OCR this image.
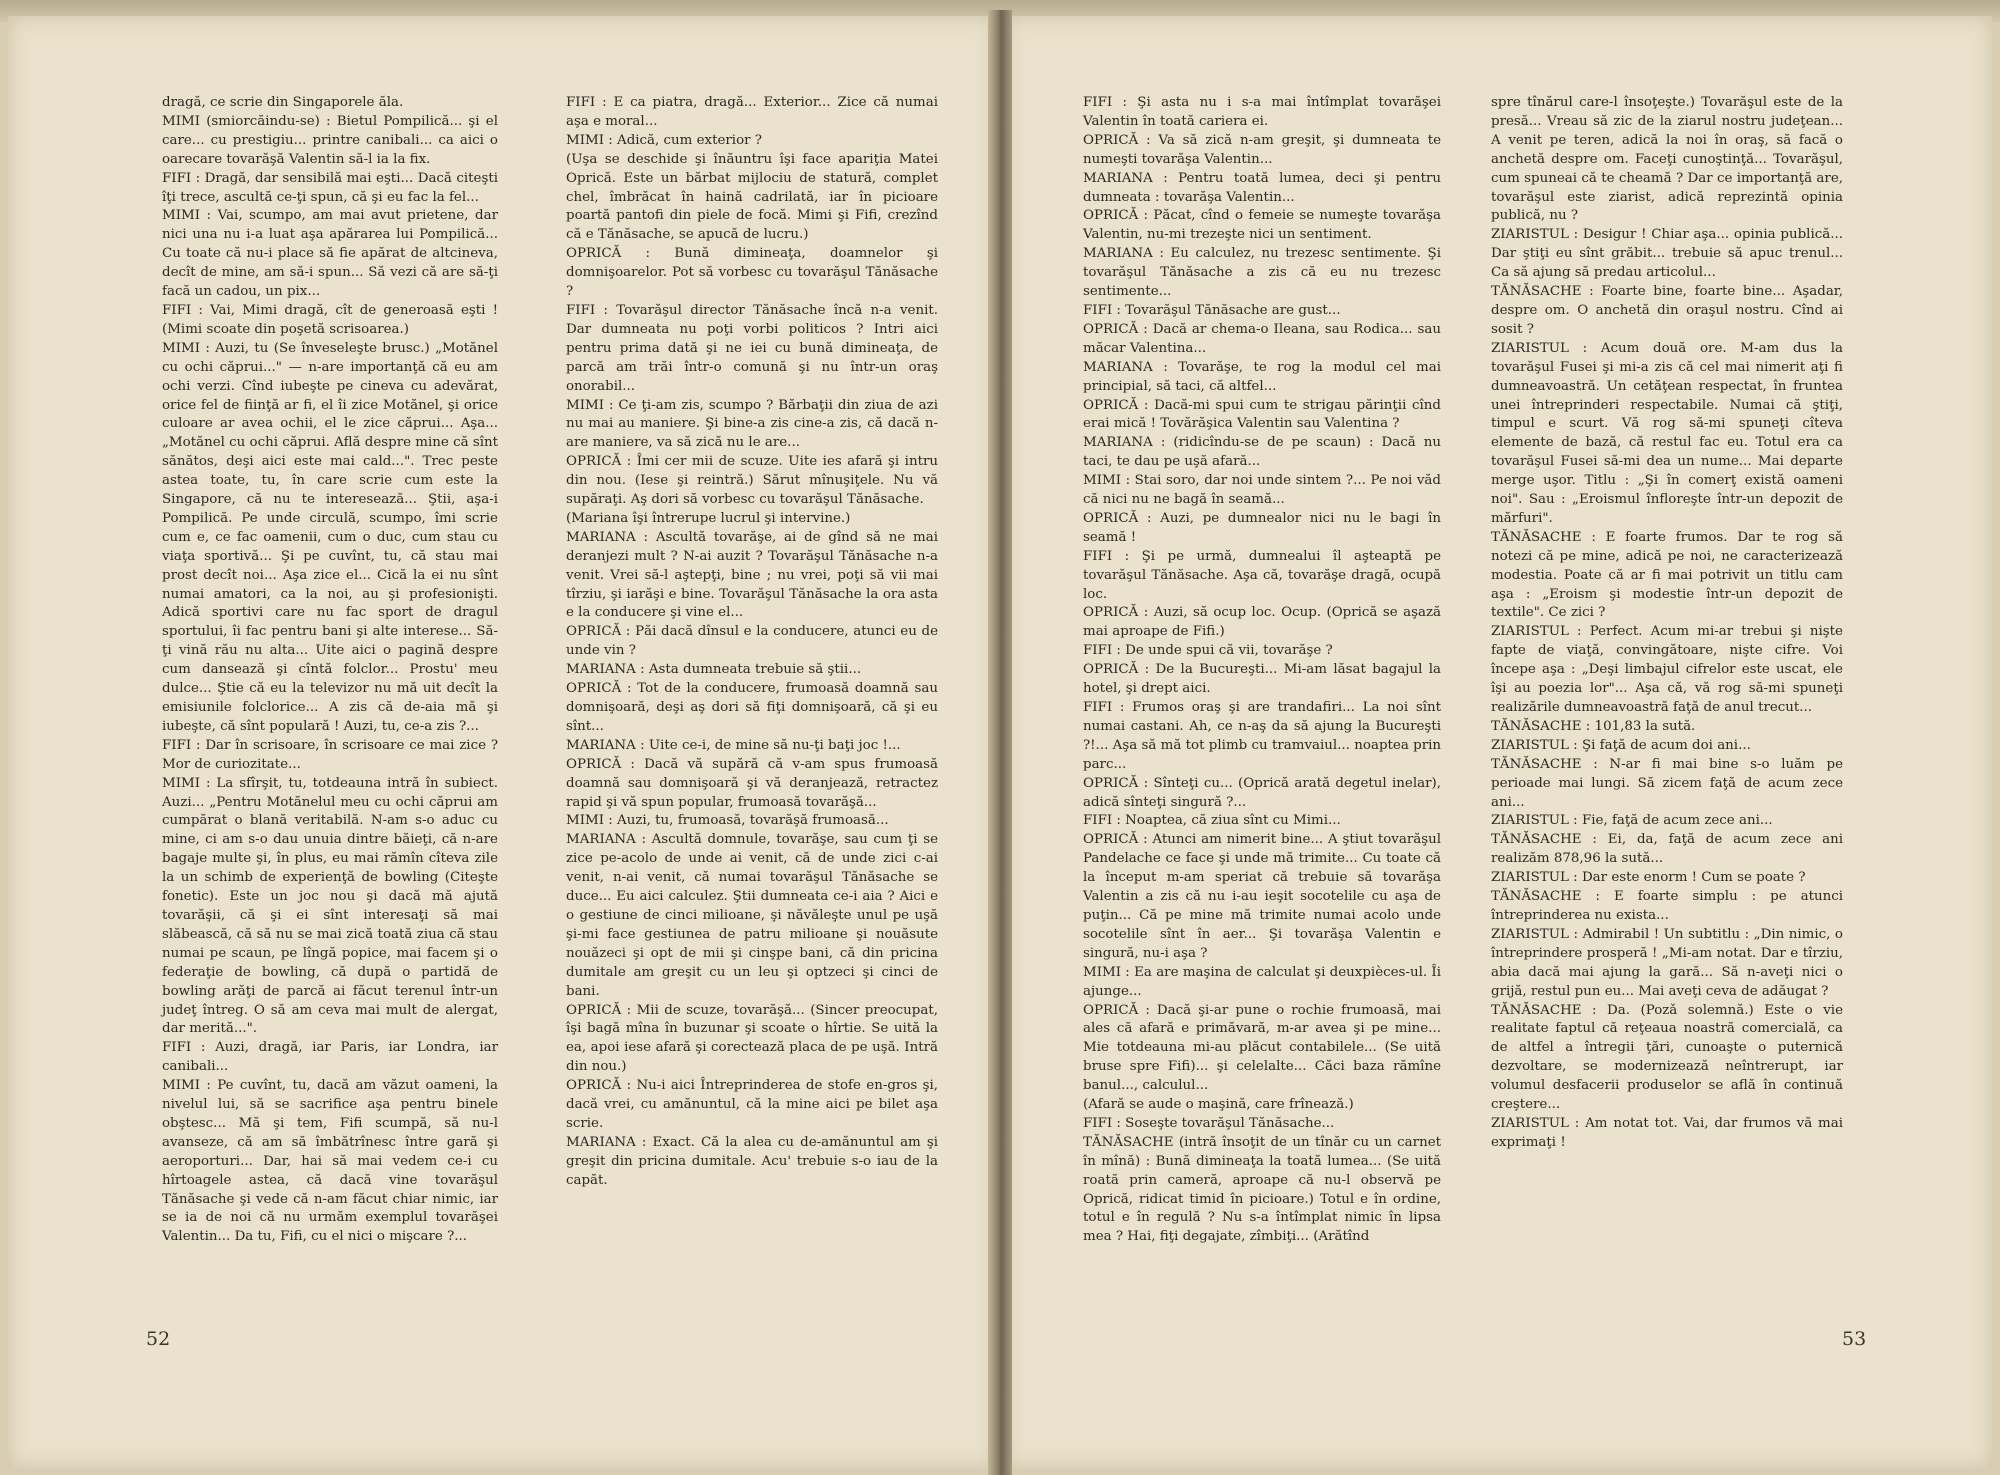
dragă, ce scrie din Singaporele ăla.

MIMI (smiorcăindu-se) : Bietul Pompilică... şi el care... cu prestigiu... printre canibali... ca aici o oarecare tovarăşă Valentin să-l ia la fix.

FIFI : Dragă, dar sensibilă mai eşti... Dacă citeşti îţi trece, ascultă ce-ţi spun, că şi eu fac la fel...

MIMI : Vai, scumpo, am mai avut prietene, dar nici una nu i-a luat aşa apărarea lui Pompilică... Cu toate că nu-i place să fie apărat de altcineva, decît de mine, am să-i spun... Să vezi că are să-ţi facă un cadou, un pix...

FIFI : Vai, Mimi dragă, cît de generoasă eşti ! (Mimi scoate din poşetă scrisoarea.)

MIMI : Auzi, tu (Se înveseleşte brusc.) „Motănel cu ochi căprui..." — n-are importanţă că eu am ochi verzi. Cînd iubeşte pe cineva cu adevărat, orice fel de fiinţă ar fi, el îi zice Motănel, şi orice culoare ar avea ochii, el le zice căprui... Aşa... „Motănel cu ochi căprui. Află despre mine că sînt sănătos, deşi aici este mai cald...". Trec peste astea toate, tu, în care scrie cum este la Singapore, că nu te interesează... Ştii, aşa-i Pompilică. Pe unde circulă, scumpo, îmi scrie cum e, ce fac oamenii, cum o duc, cum stau cu viaţa sportivă... Şi pe cuvînt, tu, că stau mai prost decît noi... Aşa zice el... Cică la ei nu sînt numai amatori, ca la noi, au şi profesionişti. Adică sportivi care nu fac sport de dragul sportului, îi fac pentru bani şi alte interese... Să-ţi vină rău nu alta... Uite aici o pagină despre cum dansează şi cîntă folclor... Prostu' meu dulce... Ştie că eu la televizor nu mă uit decît la emisiunile folclorice... A zis că de-aia mă şi iubeşte, că sînt populară ! Auzi, tu, ce-a zis ?...

FIFI : Dar în scrisoare, în scrisoare ce mai zice ? Mor de curiozitate...

MIMI : La sfîrşit, tu, totdeauna intră în subiect. Auzi... „Pentru Motănelul meu cu ochi căprui am cumpărat o blană veritabilă. N-am s-o aduc cu mine, ci am s-o dau unuia dintre băieţi, că n-are bagaje multe şi, în plus, eu mai rămîn cîteva zile la un schimb de experienţă de bowling (Citeşte fonetic). Este un joc nou şi dacă mă ajută tovarăşii, că şi ei sînt interesaţi să mai slăbească, că să nu se mai zică toată ziua că stau numai pe scaun, pe lîngă popice, mai facem şi o federaţie de bowling, că după o partidă de bowling arăţi de parcă ai făcut terenul într-un judeţ întreg. O să am ceva mai mult de alergat, dar merită...".

FIFI : Auzi, dragă, iar Paris, iar Londra, iar canibali...

MIMI : Pe cuvînt, tu, dacă am văzut oameni, la nivelul lui, să se sacrifice aşa pentru binele obştesc... Mă şi tem, Fifi scumpă, să nu-l avanseze, că am să îmbătrînesc între gară şi aeroporturi... Dar, hai să mai vedem ce-i cu hîrtoagele astea, că dacă vine tovarăşul Tănăsache şi vede că n-am făcut chiar nimic, iar se ia de noi că nu urmăm exemplul tovarăşei Valentin... Da tu, Fifi, cu el nici o mişcare ?...

FIFI : E ca piatra, dragă... Exterior... Zice că numai aşa e moral...

MIMI : Adică, cum exterior ?

(Uşa se deschide şi înăuntru îşi face apariţia Matei Oprică. Este un bărbat mijlociu de statură, complet chel, îmbrăcat în haină cadrilată, iar în picioare poartă pantofi din piele de focă. Mimi şi Fifi, crezînd că e Tănăsache, se apucă de lucru.)

OPRICĂ : Bună dimineaţa, doamnelor şi domnişoarelor. Pot să vorbesc cu tovarăşul Tănăsache ?

FIFI : Tovarăşul director Tănăsache încă n-a venit. Dar dumneata nu poţi vorbi politicos ? Intri aici pentru prima dată şi ne iei cu bună dimineaţa, de parcă am trăi într-o comună şi nu într-un oraş onorabil...

MIMI : Ce ţi-am zis, scumpo ? Bărbaţii din ziua de azi nu mai au maniere. Şi bine-a zis cine-a zis, că dacă n-are maniere, va să zică nu le are...

OPRICĂ : Îmi cer mii de scuze. Uite ies afară şi intru din nou. (Iese şi reintră.) Sărut mînuşiţele. Nu vă supăraţi. Aş dori să vorbesc cu tovarăşul Tănăsache.

(Mariana îşi întrerupe lucrul şi intervine.)

MARIANA : Ascultă tovarăşe, ai de gînd să ne mai deranjezi mult ? N-ai auzit ? Tovarăşul Tănăsache n-a venit. Vrei să-l aştepţi, bine ; nu vrei, poţi să vii mai tîrziu, şi iarăşi e bine. Tovarăşul Tănăsache la ora asta e la conducere şi vine el...

OPRICĂ : Păi dacă dînsul e la conducere, atunci eu de unde vin ?

MARIANA : Asta dumneata trebuie să ştii...

OPRICĂ : Tot de la conducere, frumoasă doamnă sau domnişoară, deşi aş dori să fiţi domnişoară, că şi eu sînt...

MARIANA : Uite ce-i, de mine să nu-ţi baţi joc !...

OPRICĂ : Dacă vă supără că v-am spus frumoasă doamnă sau domnişoară şi vă deranjează, retractez rapid şi vă spun popular, frumoasă tovarăşă...

MIMI : Auzi, tu, frumoasă, tovarăşă frumoasă...

MARIANA : Ascultă domnule, tovarăşe, sau cum ţi se zice pe-acolo de unde ai venit, că de unde zici c-ai venit, n-ai venit, că numai tovarăşul Tănăsache se duce... Eu aici calculez. Ştii dumneata ce-i aia ? Aici e o gestiune de cinci milioane, şi năvăleşte unul pe uşă şi-mi face gestiunea de patru milioane şi nouăsute nouăzeci şi opt de mii şi cinşpe bani, că din pricina dumitale am greşit cu un leu şi optzeci şi cinci de bani.

OPRICĂ : Mii de scuze, tovarăşă... (Sincer preocupat, îşi bagă mîna în buzunar şi scoate o hîrtie. Se uită la ea, apoi iese afară şi corectează placa de pe uşă. Intră din nou.)

OPRICĂ : Nu-i aici Întreprinderea de stofe en-gros şi, dacă vrei, cu amănuntul, că la mine aici pe bilet aşa scrie.

MARIANA : Exact. Că la alea cu de-amănuntul am şi greşit din pricina dumitale. Acu' trebuie s-o iau de la capăt.

FIFI : Şi asta nu i s-a mai întîmplat tovarăşei Valentin în toată cariera ei.

OPRICĂ : Va să zică n-am greşit, şi dumneata te numeşti tovarăşa Valentin...

MARIANA : Pentru toată lumea, deci şi pentru dumneata : tovarăşa Valentin...

OPRICĂ : Păcat, cînd o femeie se numeşte tovarăşa Valentin, nu-mi trezeşte nici un sentiment.

MARIANA : Eu calculez, nu trezesc sentimente. Şi tovarăşul Tănăsache a zis că eu nu trezesc sentimente...

FIFI : Tovarăşul Tănăsache are gust...

OPRICĂ : Dacă ar chema-o Ileana, sau Rodica... sau măcar Valentina...

MARIANA : Tovarăşe, te rog la modul cel mai principial, să taci, că altfel...

OPRICĂ : Dacă-mi spui cum te strigau părinţii cînd erai mică ! Tovărăşica Valentin sau Valentina ?

MARIANA : (ridicîndu-se de pe scaun) : Dacă nu taci, te dau pe uşă afară...

MIMI : Stai soro, dar noi unde sintem ?... Pe noi văd că nici nu ne bagă în seamă...

OPRICĂ : Auzi, pe dumnealor nici nu le bagi în seamă !

FIFI : Şi pe urmă, dumnealui îl aşteaptă pe tovarăşul Tănăsache. Aşa că, tovarăşe dragă, ocupă loc.

OPRICĂ : Auzi, să ocup loc. Ocup. (Oprică se aşază mai aproape de Fifi.)

FIFI : De unde spui că vii, tovarăşe ?

OPRICĂ : De la Bucureşti... Mi-am lăsat bagajul la hotel, şi drept aici.

FIFI : Frumos oraş şi are trandafiri... La noi sînt numai castani. Ah, ce n-aş da să ajung la Bucureşti ?!... Aşa să mă tot plimb cu tramvaiul... noaptea prin parc...

OPRICĂ : Sînteţi cu... (Oprică arată degetul inelar), adică sînteţi singură ?...

FIFI : Noaptea, că ziua sînt cu Mimi...

OPRICĂ : Atunci am nimerit bine... A ştiut tovarăşul Pandelache ce face şi unde mă trimite... Cu toate că la început m-am speriat că trebuie să tovarăşa Valentin a zis că nu i-au ieşit socotelile cu aşa de puţin... Că pe mine mă trimite numai acolo unde socotelile sînt în aer... Şi tovarăşa Valentin e singură, nu-i aşa ?

MIMI : Ea are maşina de calculat şi deuxpièces-ul. Îi ajunge...

OPRICĂ : Dacă şi-ar pune o rochie frumoasă, mai ales că afară e primăvară, m-ar avea şi pe mine... Mie totdeauna mi-au plăcut contabilele... (Se uită bruse spre Fifi)... şi celelalte... Căci baza rămîne banul..., calculul...

(Afară se aude o maşină, care frînează.)

FIFI : Soseşte tovarăşul Tănăsache...

TĂNĂSACHE (intră însoţit de un tînăr cu un carnet în mînă) : Bună dimineaţa la toată lumea... (Se uită roată prin cameră, aproape că nu-l observă pe Oprică, ridicat timid în picioare.) Totul e în ordine, totul e în regulă ? Nu s-a întîmplat nimic în lipsa mea ? Hai, fiţi degajate, zîmbiţi... (Arătînd

spre tînărul care-l însoţeşte.) Tovarăşul este de la presă... Vreau să zic de la ziarul nostru judeţean... A venit pe teren, adică la noi în oraş, să facă o anchetă despre om. Faceţi cunoştinţă... Tovarăşul, cum spuneai că te cheamă ? Dar ce importanţă are, tovarăşul este ziarist, adică reprezintă opinia publică, nu ?

ZIARISTUL : Desigur ! Chiar aşa... opinia publică... Dar ştiţi eu sînt grăbit... trebuie să apuc trenul... Ca să ajung să predau articolul...

TĂNĂSACHE : Foarte bine, foarte bine... Aşadar, despre om. O anchetă din oraşul nostru. Cînd ai sosit ?

ZIARISTUL : Acum două ore. M-am dus la tovarăşul Fusei şi mi-a zis că cel mai nimerit aţi fi dumneavoastră. Un cetăţean respectat, în fruntea unei întreprinderi respectabile. Numai că ştiţi, timpul e scurt. Vă rog să-mi spuneţi cîteva elemente de bază, că restul fac eu. Totul era ca tovarăşul Fusei să-mi dea un nume... Mai departe merge uşor. Titlu : „Şi în comerţ există oameni noi". Sau : „Eroismul înfloreşte într-un depozit de mărfuri".

TĂNĂSACHE : E foarte frumos. Dar te rog să notezi că pe mine, adică pe noi, ne caracterizează modestia. Poate că ar fi mai potrivit un titlu cam aşa : „Eroism şi modestie într-un depozit de textile". Ce zici ?

ZIARISTUL : Perfect. Acum mi-ar trebui şi nişte fapte de viaţă, convingătoare, nişte cifre. Voi începe aşa : „Deşi limbajul cifrelor este uscat, ele îşi au poezia lor"... Aşa că, vă rog să-mi spuneţi realizările dumneavoastră faţă de anul trecut...

TĂNĂSACHE : 101,83 la sută.

ZIARISTUL : Şi faţă de acum doi ani...

TĂNĂSACHE : N-ar fi mai bine s-o luăm pe perioade mai lungi. Să zicem faţă de acum zece ani...

ZIARISTUL : Fie, faţă de acum zece ani...

TĂNĂSACHE : Ei, da, faţă de acum zece ani realizăm 878,96 la sută...

ZIARISTUL : Dar este enorm ! Cum se poate ?

TĂNĂSACHE : E foarte simplu : pe atunci întreprinderea nu exista...

ZIARISTUL : Admirabil ! Un subtitlu : „Din nimic, o întreprindere prosperă ! „Mi-am notat. Dar e tîrziu, abia dacă mai ajung la gară... Să n-aveţi nici o grijă, restul pun eu... Mai aveţi ceva de adăugat ?

TĂNĂSACHE : Da. (Pozǎ solemnă.) Este o vie realitate faptul că reţeaua noastră comercială, ca de altfel a întregii ţări, cunoaşte o puternică dezvoltare, se modernizează neîntrerupt, iar volumul desfacerii produselor se află în continuă creştere...

ZIARISTUL : Am notat tot. Vai, dar frumos vă mai exprimaţi !

52	53
